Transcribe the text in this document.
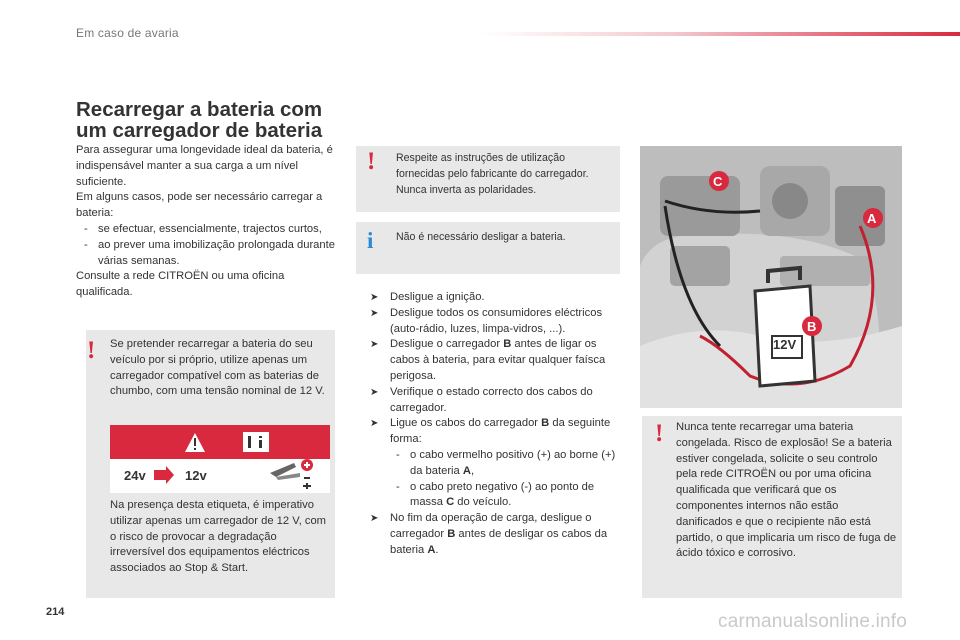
Em caso de avaria
Recarregar a bateria com um carregador de bateria

Para assegurar uma longevidade ideal da bateria, é indispensável manter a sua carga a um nível suficiente.

Em alguns casos, pode ser necessário carregar a bateria:

- se efectuar, essencialmente, trajectos curtos,

- ao prever uma imobilização prolongada durante várias semanas.

Consulte a rede CITROËN ou uma oficina qualificada.

! Se pretender recarregar a bateria do seu veículo por si próprio, utilize apenas um carregador compatível com as baterias de chumbo, com uma tensão nominal de 12 V.
24v	12v
Na presença desta etiqueta, é imperativo utilizar apenas um carregador de 12 V, com o risco de provocar a degradação irreversível dos equipamentos eléctricos associados ao Stop & Start.
! Respeite as instruções de utilização fornecidas pelo fabricante do carregador. Nunca inverta as polaridades.
i Não é necessário desligar a bateria.

➤ Desligue a ignição.

➤ Desligue todos os consumidores eléctricos (auto-rádio, luzes, limpa-vidros, ...).

➤ Desligue o carregador B antes de ligar os cabos à bateria, para evitar qualquer faísca perigosa.

➤ Verifique o estado correcto dos cabos do carregador.

➤ Ligue os cabos do carregador B da seguinte forma:

- o cabo vermelho positivo (+) ao borne (+) da bateria A,

- o cabo preto negativo (-) ao ponto de massa C do veículo.

➤ No fim da operação de carga, desligue o carregador B antes de desligar os cabos da bateria A.

C
A
B
12V
! Nunca tente recarregar uma bateria congelada. Risco de explosão! Se a bateria estiver congelada, solicite o seu controlo pela rede CITROËN ou por uma oficina qualificada que verificará que os componentes internos não estão danificados e que o recipiente não está partido, o que implicaria um risco de fuga de ácido tóxico e corrosivo.
214	carmanualsonline.info
